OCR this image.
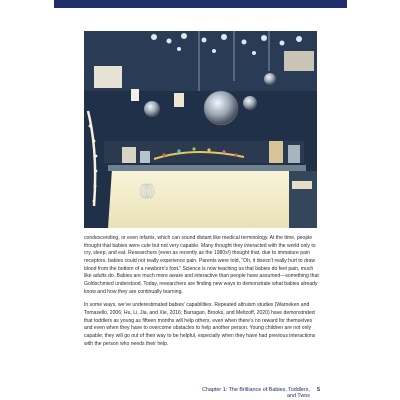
condescending, or even infants, which can sound distant like medical terminology. At the time, people thought that babies were cute but not very capable. Many thought they interacted with the world only to cry, sleep, and eat. Researchers (even as recently as the 1980s!) thought that, due to immature pain receptors, babies could not really experience pain. Parents were told, “Oh, it doesn’t really hurt to draw blood from the bottom of a newborn’s foot.” Science is now teaching us that babies do feel pain, much like adults do. Babies are much more aware and interactive than people have assumed—something that Goldschmied understood. Today, researchers are finding new ways to demonstrate what babies already know and how they are continually learning.

In some ways, we’ve underestimated babies’ capabilities. Repeated altruism studies (Warneken and Tomasello, 2006; Hu, Li, Jia, and Xie, 2016; Barragan, Brooks, and Meltzoff, 2020) have demonstrated that toddlers as young as fifteen months will help others, even when there’s no reward for themselves and even when they have to overcome obstacles to help another person. Young children are not only capable; they will go out of their way to be helpful, especially when they have had previous interactions with the person who needs their help.

Chapter 1: The Brilliance of Babies, Toddlers, and Twos
5
